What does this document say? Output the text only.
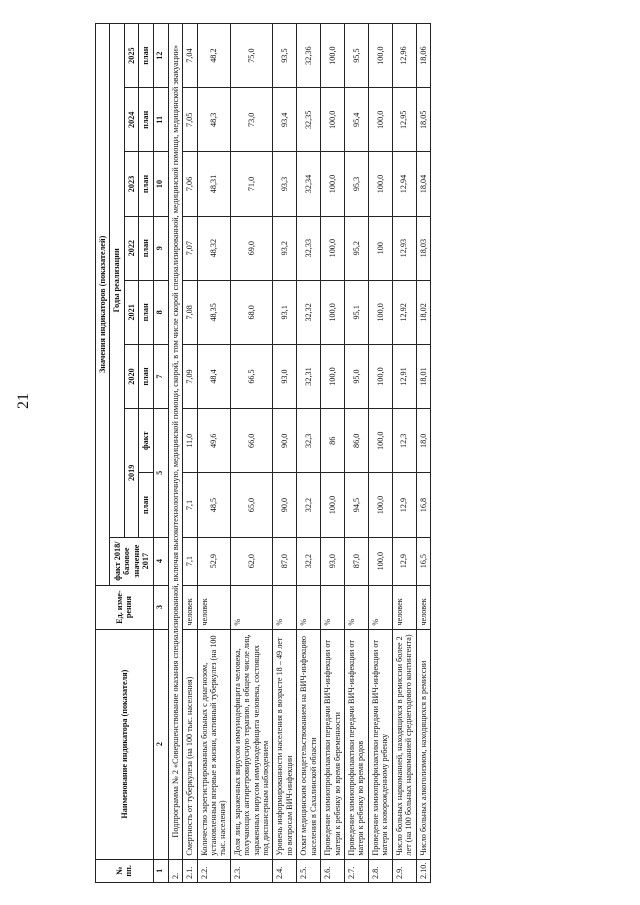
21
№ пп.	Наименование индикатора (показателя)	Ед. изме-рения	Значения индикаторов (показателей)								
			факт 2018/ базовое значение 2017	Годы реализации							
				2019		2020	2021	2022	2023	2024	2025
				план	факт	план	план	план	план	план	план
1	2	3	4	5		7	8	9	10	11	12
2.	Подпрограмма № 2 «Совершенствование оказания специализированной, включая высокотехнологичную, медицинской помощи, скорой, в том числе скорой специализированной, медицинской помощи, медицинской эвакуации»										
2.1.	Смертность от туберкулеза (на 100 тыс. населения)	человек	7,1	7,1	11,0	7,09	7,08	7,07	7,06	7,05	7,04
2.2.	Количество зарегистрированных больных с диагнозом, установленным впервые в жизни, активный туберкулез (на 100 тыс. населения)	человек	52,9	48,5	49,6	48,4	48,35	48,32	48,31	48,3	48,2
2.3.	Доля лиц, зараженных вирусом иммунодефицита человека, получающих антиретровирусную терапию, в общем числе лиц, зараженных вирусом иммунодефицита человека, состоящих под диспансерным наблюдением	%	62,0	65,0	66,0	66,5	68,0	69,0	71,0	73,0	75,0
2.4.	Уровень информированности населения в возрасте 18 – 49 лет по вопросам ВИЧ-инфекции	%	87,0	90,0	90,0	93,0	93,1	93,2	93,3	93,4	93,5
2.5.	Охват медицинским освидетельствованием на ВИЧ-инфекцию населения в Сахалинской области	%	32,2	32,2	32,3	32,31	32,32	32,33	32,34	32,35	32,36
2.6.	Проведение химиопрофилактики передачи ВИЧ-инфекции от матери к ребенку во время беременности	%	93,0	100,0	86	100,0	100,0	100,0	100,0	100,0	100,0
2.7.	Проведение химиопрофилактики передачи ВИЧ-инфекции от матери к ребенку во время родов	%	87,0	94,5	86,0	95,0	95,1	95,2	95,3	95,4	95,5
2.8.	Проведение химиопрофилактики передачи ВИЧ-инфекции от матери к новорожденному ребенку	%	100,0	100,0	100,0	100,0	100,0	100	100,0	100,0	100,0
2.9.	Число больных наркоманией, находящихся в ремиссии более 2 лет (на 100 больных наркоманией среднегодового контингента)	человек	12,9	12,9	12,3	12,91	12,92	12,93	12,94	12,95	12,96
2.10.	Число больных алкоголизмом, находящихся в ремиссии	человек	16,5	16,8	18,0	18,01	18,02	18,03	18,04	18,05	18,06
